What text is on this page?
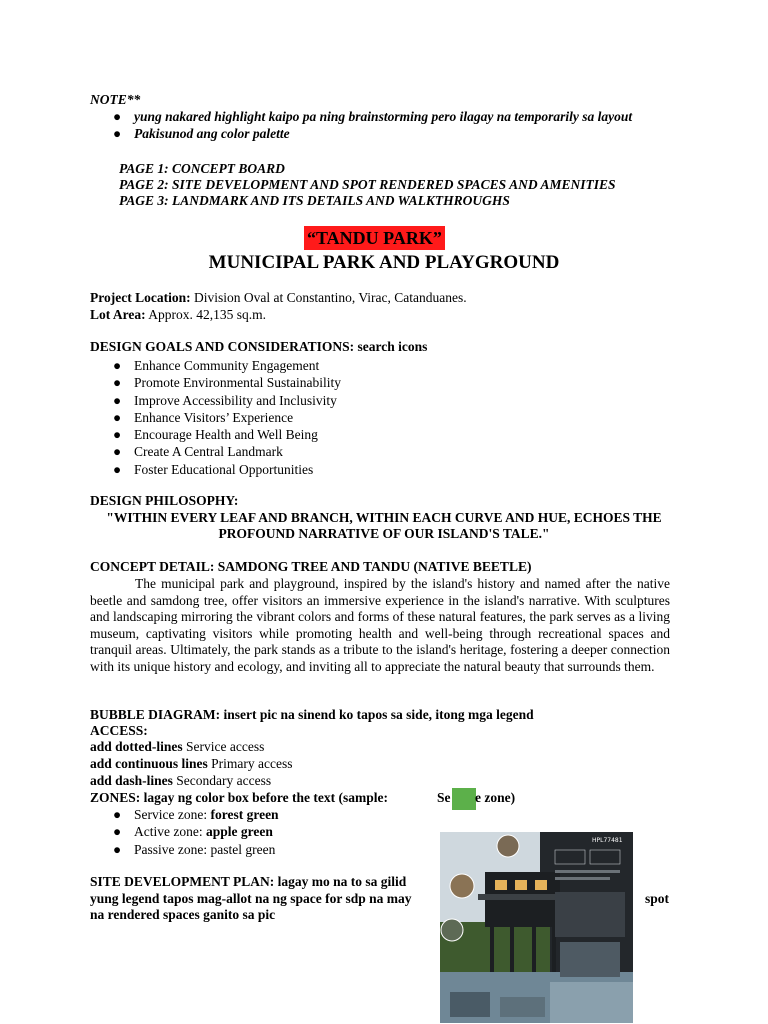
NOTE**
● yung nakared highlight kaipo pa ning brainstorming pero ilagay na temporarily sa layout
● Pakisunod ang color palette
PAGE 1: CONCEPT BOARD
PAGE 2: SITE DEVELOPMENT AND SPOT RENDERED SPACES AND AMENITIES
PAGE 3: LANDMARK AND ITS DETAILS AND WALKTHROUGHS
“TANDU PARK”
MUNICIPAL PARK AND PLAYGROUND
Project Location: Division Oval at Constantino, Virac, Catanduanes.
Lot Area: Approx. 42,135 sq.m.
DESIGN GOALS AND CONSIDERATIONS: search icons
● Enhance Community Engagement
● Promote Environmental Sustainability
● Improve Accessibility and Inclusivity
● Enhance Visitors’ Experience
● Encourage Health and Well Being
● Create A Central Landmark
● Foster Educational Opportunities
DESIGN PHILOSOPHY:
"WITHIN EVERY LEAF AND BRANCH, WITHIN EACH CURVE AND HUE, ECHOES THE PROFOUND NARRATIVE OF OUR ISLAND'S TALE."
CONCEPT DETAIL: SAMDONG TREE AND TANDU (NATIVE BEETLE)
The municipal park and playground, inspired by the island's history and named after the native beetle and samdong tree, offer visitors an immersive experience in the island's narrative. With sculptures and landscaping mirroring the vibrant colors and forms of these natural features, the park serves as a living museum, captivating visitors while promoting health and well-being through recreational spaces and tranquil areas. Ultimately, the park stands as a tribute to the island's heritage, fostering a deeper connection with its unique history and ecology, and inviting all to appreciate the natural beauty that surrounds them.
BUBBLE DIAGRAM: insert pic na sinend ko tapos sa side, itong mga legend
ACCESS:
add dotted-lines Service access
add continuous lines Primary access
add dash-lines Secondary access
ZONES: lagay ng color box before the text (sample:	Se e zone)
● Service zone: forest green
● Active zone: apple green
● Passive zone: pastel green
SITE DEVELOPMENT PLAN: lagay mo na to sa gilid
yung legend tapos mag-allot na ng space for sdp na may	spot
na rendered spaces ganito sa pic
HPL77481
